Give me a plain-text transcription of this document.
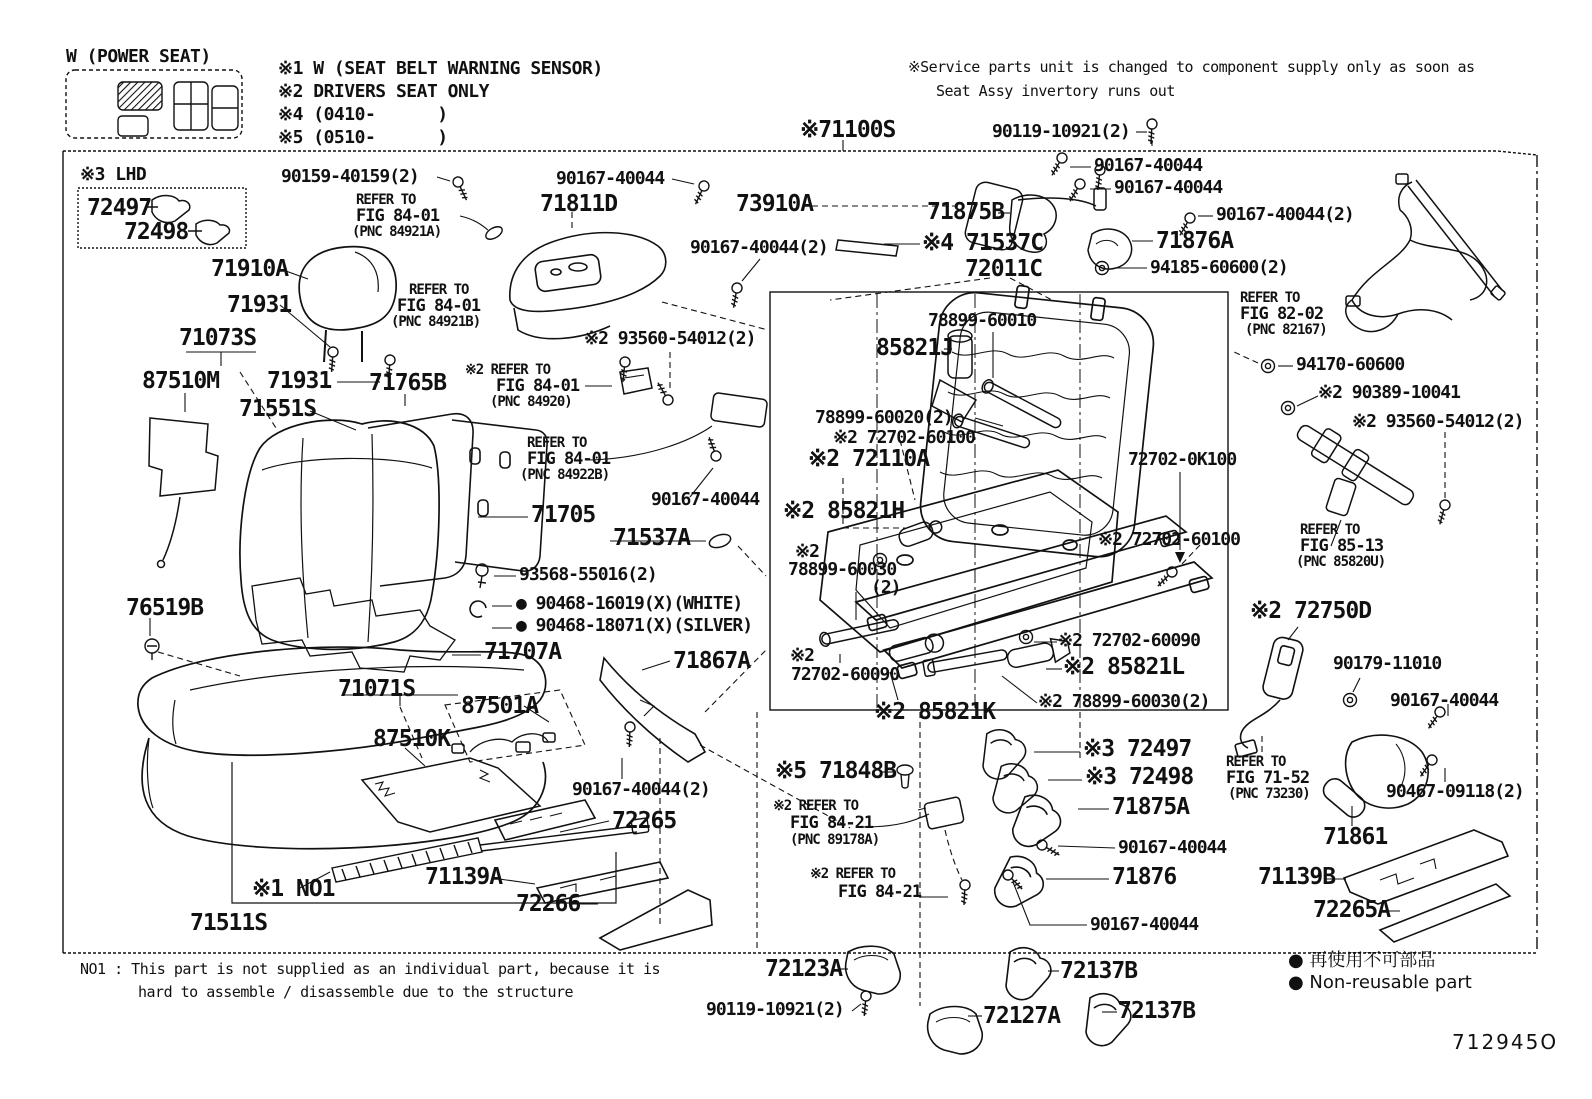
W (POWER SEAT)
※1 W (SEAT BELT WARNING SENSOR)
※2 DRIVERS SEAT ONLY
※4 (0410-      )
※5 (0510-      )
※Service parts unit is changed to component supply only as soon as
Seat Assy invertory runs out
※3 LHD
NO1 : This part is not supplied as an individual part, because it is
hard to assemble / disassemble due to the structure
● 再使用不可部品
● Non-reusable part
712945O
※71100S	90119-10921(2)
72497
72498
90159-40159(2)
REFER TO
FIG 84-01
(PNC 84921A)
90167-40044
71811D
REFER TO
FIG 84-01
(PNC 84921B)
※2 93560-54012(2)
90167-40044(2)
73910A	71875B
※4 71537C
72011C
90167-40044
90167-40044
90167-40044(2)
71876A
94185-60600(2)
71910A
71931
71073S
87510M 71931 71765B
71551S
※2 REFER TO
FIG 84-01
(PNC 84920)
REFER TO
FIG 84-01
(PNC 84922B)
90167-40044
71705
71537A
93568-55016(2)
● 90468-16019(X)(WHITE)
● 90468-18071(X)(SILVER)
71707A
76519B
71071S
87501A
87510K
71867A
90167-40044(2)
72265
71139A
72266
※1 NO1
71511S
78899-60010
85821J
78899-60020(2)
※2 72702-60100
※2 72110A	72702-0K100
※2 85821H
※2
78899-60030
(2)
※2 72702-60100
※2
72702-60090
※2 72702-60090
※2 85821L
※2 78899-60030(2)
※2 85821K
REFER TO
FIG 82-02
(PNC 82167)
94170-60600
※2 90389-10041
※2 93560-54012(2)
REFER TO
FIG 85-13
(PNC 85820U)
※2 72750D
90179-11010
90167-40044
90467-09118(2)
71861
REFER TO
FIG 71-52
(PNC 73230)
※3 72497
※3 72498
71875A
90167-40044
71876
90167-40044
71139B
72265A
※5 71848B
※2 REFER TO
FIG 84-21
(PNC 89178A)
※2 REFER TO
FIG 84-21
72123A
90119-10921(2)	72127A
72137B
72137B
